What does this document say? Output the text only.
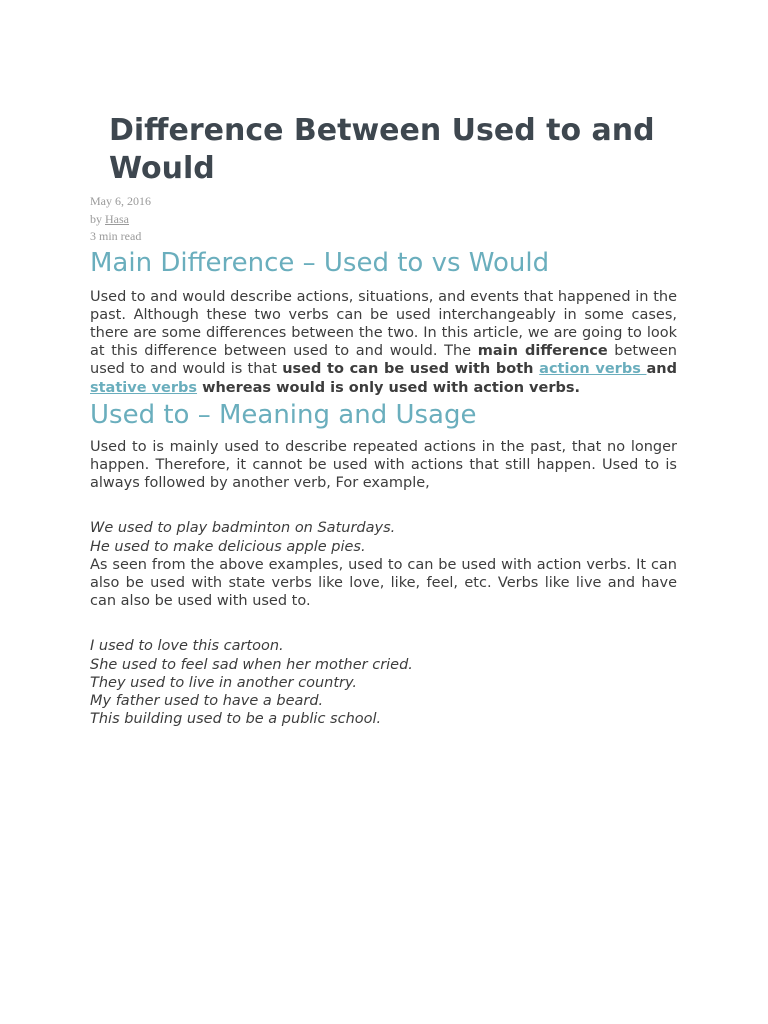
Difference Between Used to and Would
May 6, 2016
by Hasa
3 min read
Main Difference – Used to vs Would

Used to and would describe actions, situations, and events that happened in the past. Although these two verbs can be used interchangeably in some cases, there are some differences between the two. In this article, we are going to look at this difference between used to and would. The main difference between used to and would is that used to can be used with both action verbs and stative verbs whereas would is only used with action verbs.

Used to – Meaning and Usage

Used to is mainly used to describe repeated actions in the past, that no longer happen. Therefore, it cannot be used with actions that still happen. Used to is always followed by another verb, For example,

We used to play badminton on Saturdays.
He used to make delicious apple pies.

As seen from the above examples, used to can be used with action verbs. It can also be used with state verbs like love, like, feel, etc. Verbs like live and have can also be used with used to.

I used to love this cartoon.
She used to feel sad when her mother cried.
They used to live in another country.
My father used to have a beard.
This building used to be a public school.
